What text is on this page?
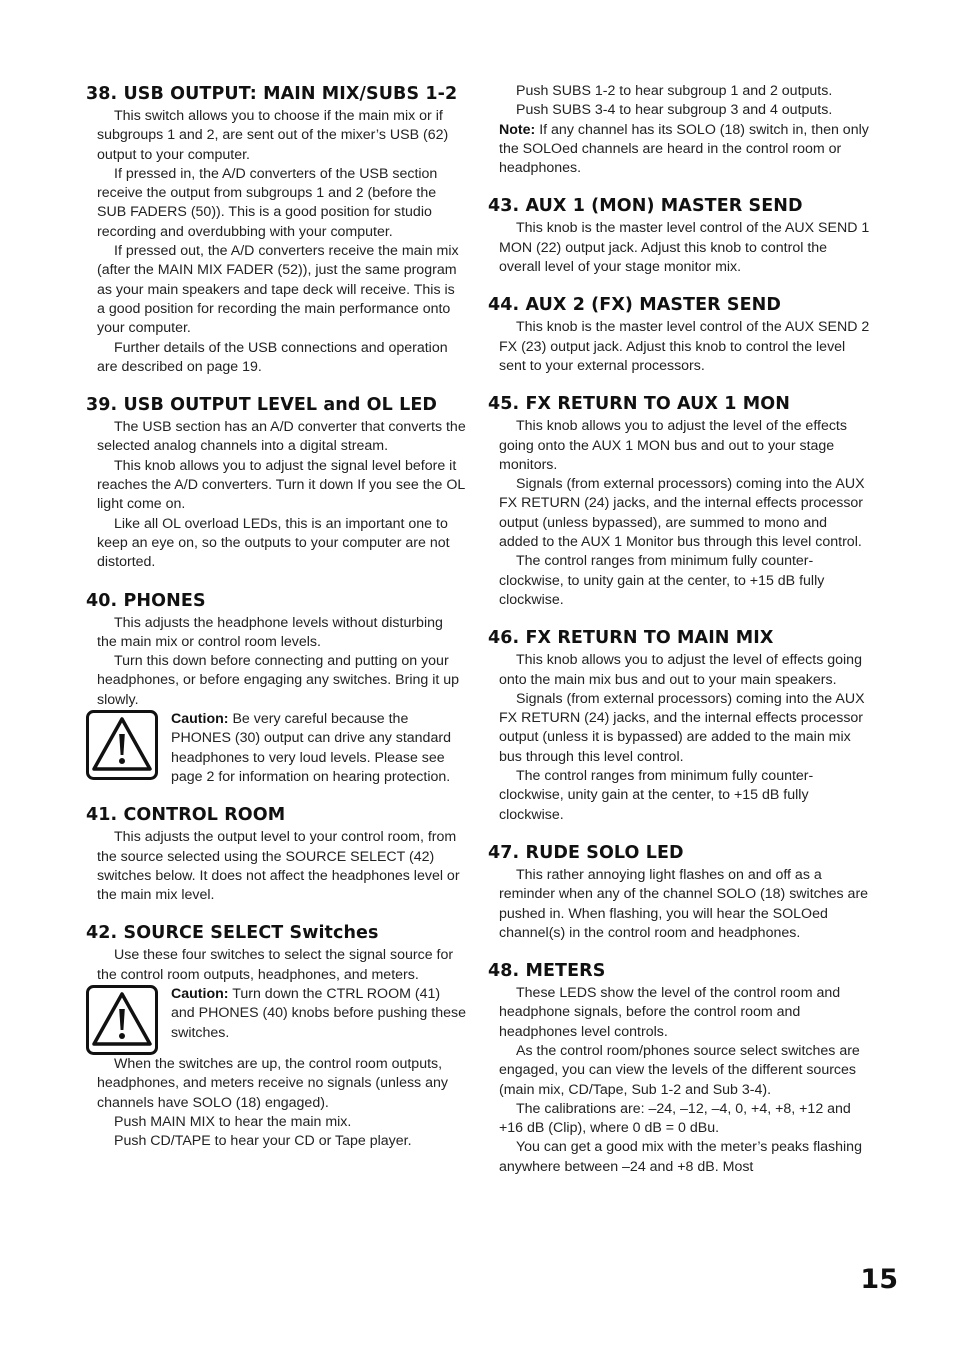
38. USB OUTPUT: MAIN MIX/SUBS 1-2

This switch allows you to choose if the main mix or if subgroups 1 and 2, are sent out of the mixer’s USB (62) output to your computer.

If pressed in, the A/D converters of the USB section receive the output from subgroups 1 and 2 (before the SUB FADERS (50)). This is a good position for studio recording and overdubbing with your computer.

If pressed out, the A/D converters receive the main mix (after the MAIN MIX FADER (52)), just the same program as your main speakers and tape deck will receive. This is a good position for recording the main performance onto your computer.

Further details of the USB connections and operation are described on page 19.

39. USB OUTPUT LEVEL and OL LED

The USB section has an A/D converter that converts the selected analog channels into a digital stream.

This knob allows you to adjust the signal level before it reaches the A/D converters. Turn it down If you see the OL light come on.

Like all OL overload LEDs, this is an important one to keep an eye on, so the outputs to your computer are not distorted.

40. PHONES

This adjusts the headphone levels without disturbing the main mix or control room levels.

Turn this down before connecting and putting on your headphones, or before engaging any switches. Bring it up slowly.

Caution: Be very careful because the PHONES (30) output can drive any standard headphones to very loud levels. Please see page 2 for information on hearing protection.
41. CONTROL ROOM

This adjusts the output level to your control room, from the source selected using the SOURCE SELECT (42) switches below. It does not affect the headphones level or the main mix level.

42. SOURCE SELECT Switches

Use these four switches to select the signal source for the control room outputs, headphones, and meters.

Caution: Turn down the CTRL ROOM (41) and PHONES (40) knobs before pushing these switches.

When the switches are up, the control room outputs, headphones, and meters receive no signals (unless any channels have SOLO (18) engaged).

Push MAIN MIX to hear the main mix.

Push CD/TAPE to hear your CD or Tape player.

Push SUBS 1-2 to hear subgroup 1 and 2 outputs.

Push SUBS 3-4 to hear subgroup 3 and 4 outputs.

Note: If any channel has its SOLO (18) switch in, then only the SOLOed channels are heard in the control room or headphones.

43. AUX 1 (MON) MASTER SEND

This knob is the master level control of the AUX SEND 1 MON (22) output jack. Adjust this knob to control the overall level of your stage monitor mix.

44. AUX 2 (FX) MASTER SEND

This knob is the master level control of the AUX SEND 2 FX (23) output jack. Adjust this knob to control the level sent to your external processors.

45. FX RETURN TO AUX 1 MON

This knob allows you to adjust the level of the effects going onto the AUX 1 MON bus and out to your stage monitors.

Signals (from external processors) coming into the AUX FX RETURN (24) jacks, and the internal effects processor output (unless bypassed), are summed to mono and added to the AUX 1 Monitor bus through this level control.

The control ranges from minimum fully counter-clockwise, to unity gain at the center, to +15 dB fully clockwise.

46. FX RETURN TO MAIN MIX

This knob allows you to adjust the level of effects going onto the main mix bus and out to your main speakers.

Signals (from external processors) coming into the AUX FX RETURN (24) jacks, and the internal effects processor output (unless it is bypassed) are added to the main mix bus through this level control.

The control ranges from minimum fully counter-clockwise, unity gain at the center, to +15 dB fully clockwise.

47. RUDE SOLO LED

This rather annoying light flashes on and off as a reminder when any of the channel SOLO (18) switches are pushed in. When flashing, you will hear the SOLOed channel(s) in the control room and headphones.

48. METERS

These LEDS show the level of the control room and headphone signals, before the control room and headphones level controls.

As the control room/phones source select switches are engaged, you can view the levels of the different sources (main mix, CD/Tape, Sub 1-2 and Sub 3-4).

The calibrations are: –24, –12, –4, 0, +4, +8, +12 and +16 dB (Clip), where 0 dB = 0 dBu.

You can get a good mix with the meter’s peaks flashing anywhere between –24 and +8 dB. Most

15
